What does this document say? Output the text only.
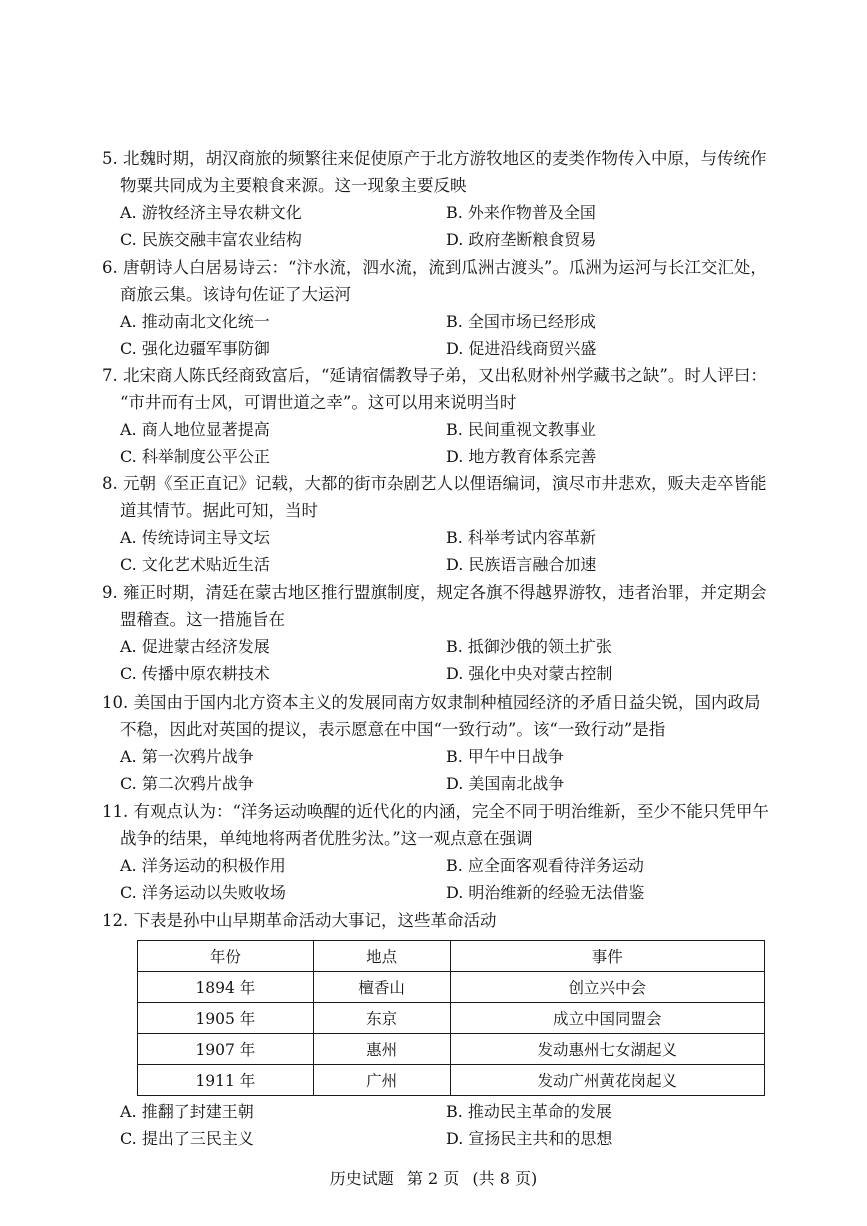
5. 北魏时期，胡汉商旅的频繁往来促使原产于北方游牧地区的麦类作物传入中原，与传统作
物粟共同成为主要粮食来源。这一现象主要反映
A. 游牧经济主导农耕文化	B. 外来作物普及全国
C. 民族交融丰富农业结构	D. 政府垄断粮食贸易
6. 唐朝诗人白居易诗云：“汴水流，泗水流，流到瓜洲古渡头”。瓜洲为运河与长江交汇处，
商旅云集。该诗句佐证了大运河
A. 推动南北文化统一	B. 全国市场已经形成
C. 强化边疆军事防御	D. 促进沿线商贸兴盛
7. 北宋商人陈氏经商致富后，“延请宿儒教导子弟，又出私财补州学藏书之缺”。时人评曰：
“市井而有士风，可谓世道之幸”。这可以用来说明当时
A. 商人地位显著提高	B. 民间重视文教事业
C. 科举制度公平公正	D. 地方教育体系完善
8. 元朝《至正直记》记载，大都的街市杂剧艺人以俚语编词，演尽市井悲欢，贩夫走卒皆能
道其情节。据此可知，当时
A. 传统诗词主导文坛	B. 科举考试内容革新
C. 文化艺术贴近生活	D. 民族语言融合加速
9. 雍正时期，清廷在蒙古地区推行盟旗制度，规定各旗不得越界游牧，违者治罪，并定期会
盟稽查。这一措施旨在
A. 促进蒙古经济发展	B. 抵御沙俄的领土扩张
C. 传播中原农耕技术	D. 强化中央对蒙古控制
10. 美国由于国内北方资本主义的发展同南方奴隶制种植园经济的矛盾日益尖锐，国内政局
不稳，因此对英国的提议，表示愿意在中国“一致行动”。该“一致行动”是指
A. 第一次鸦片战争	B. 甲午中日战争
C. 第二次鸦片战争	D. 美国南北战争
11. 有观点认为：“洋务运动唤醒的近代化的内涵，完全不同于明治维新，至少不能只凭甲午
战争的结果，单纯地将两者优胜劣汰。”这一观点意在强调
A. 洋务运动的积极作用	B. 应全面客观看待洋务运动
C. 洋务运动以失败收场	D. 明治维新的经验无法借鉴
12. 下表是孙中山早期革命活动大事记，这些革命活动
年份	地点	事件
1894 年	檀香山	创立兴中会
1905 年	东京	成立中国同盟会
1907 年	惠州	发动惠州七女湖起义
1911 年	广州	发动广州黄花岗起义
A. 推翻了封建王朝	B. 推动民主革命的发展
C. 提出了三民主义	D. 宣扬民主共和的思想
历史试题 第 2 页 (共 8 页)
